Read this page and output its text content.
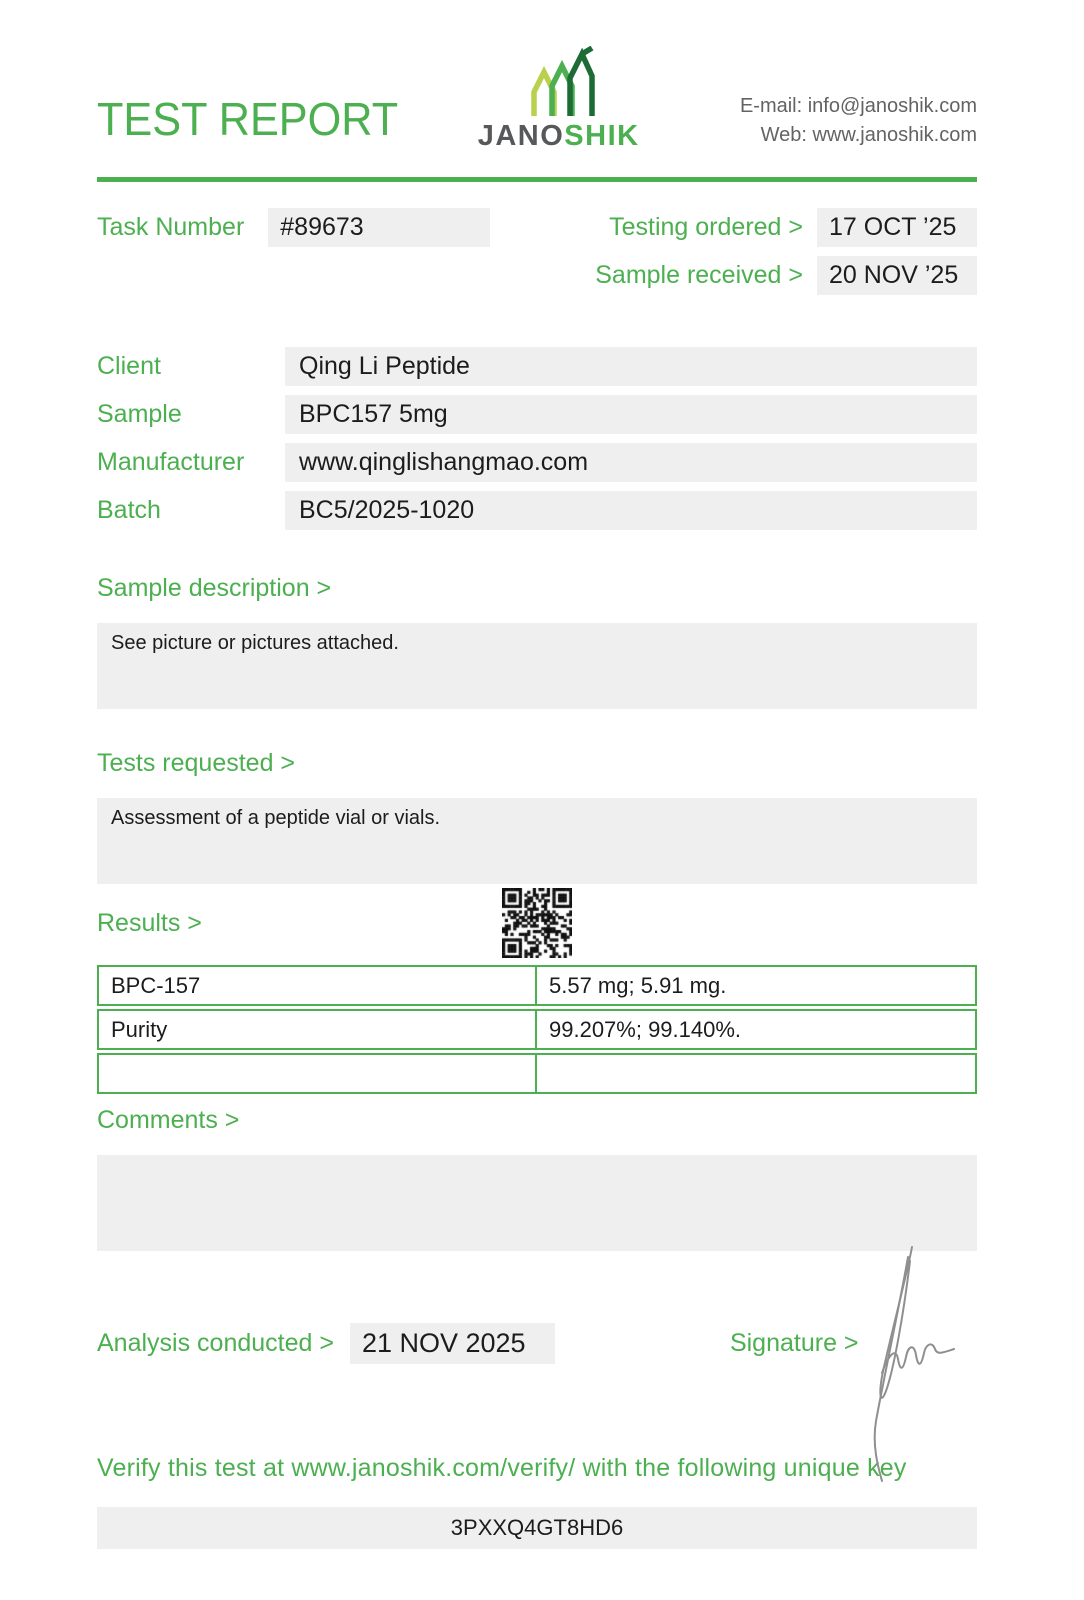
TEST REPORT	JANOSHIK
E-mail: info@janoshik.com
Web: www.janoshik.com
Task Number	#89673	Testing ordered >	17 OCT ’25
Sample received >	20 NOV ’25
Client	Qing Li Peptide
Sample	BPC157 5mg
Manufacturer	www.qinglishangmao.com
Batch	BC5/2025-1020
Sample description >
See picture or pictures attached.
Tests requested >
Assessment of a peptide vial or vials.
Results >
BPC-157	5.57 mg; 5.91 mg.
Purity	99.207%; 99.140%.
Comments >
Analysis conducted >	21 NOV 2025	Signature >
Verify this test at www.janoshik.com/verify/ with the following unique key
3PXXQ4GT8HD6
